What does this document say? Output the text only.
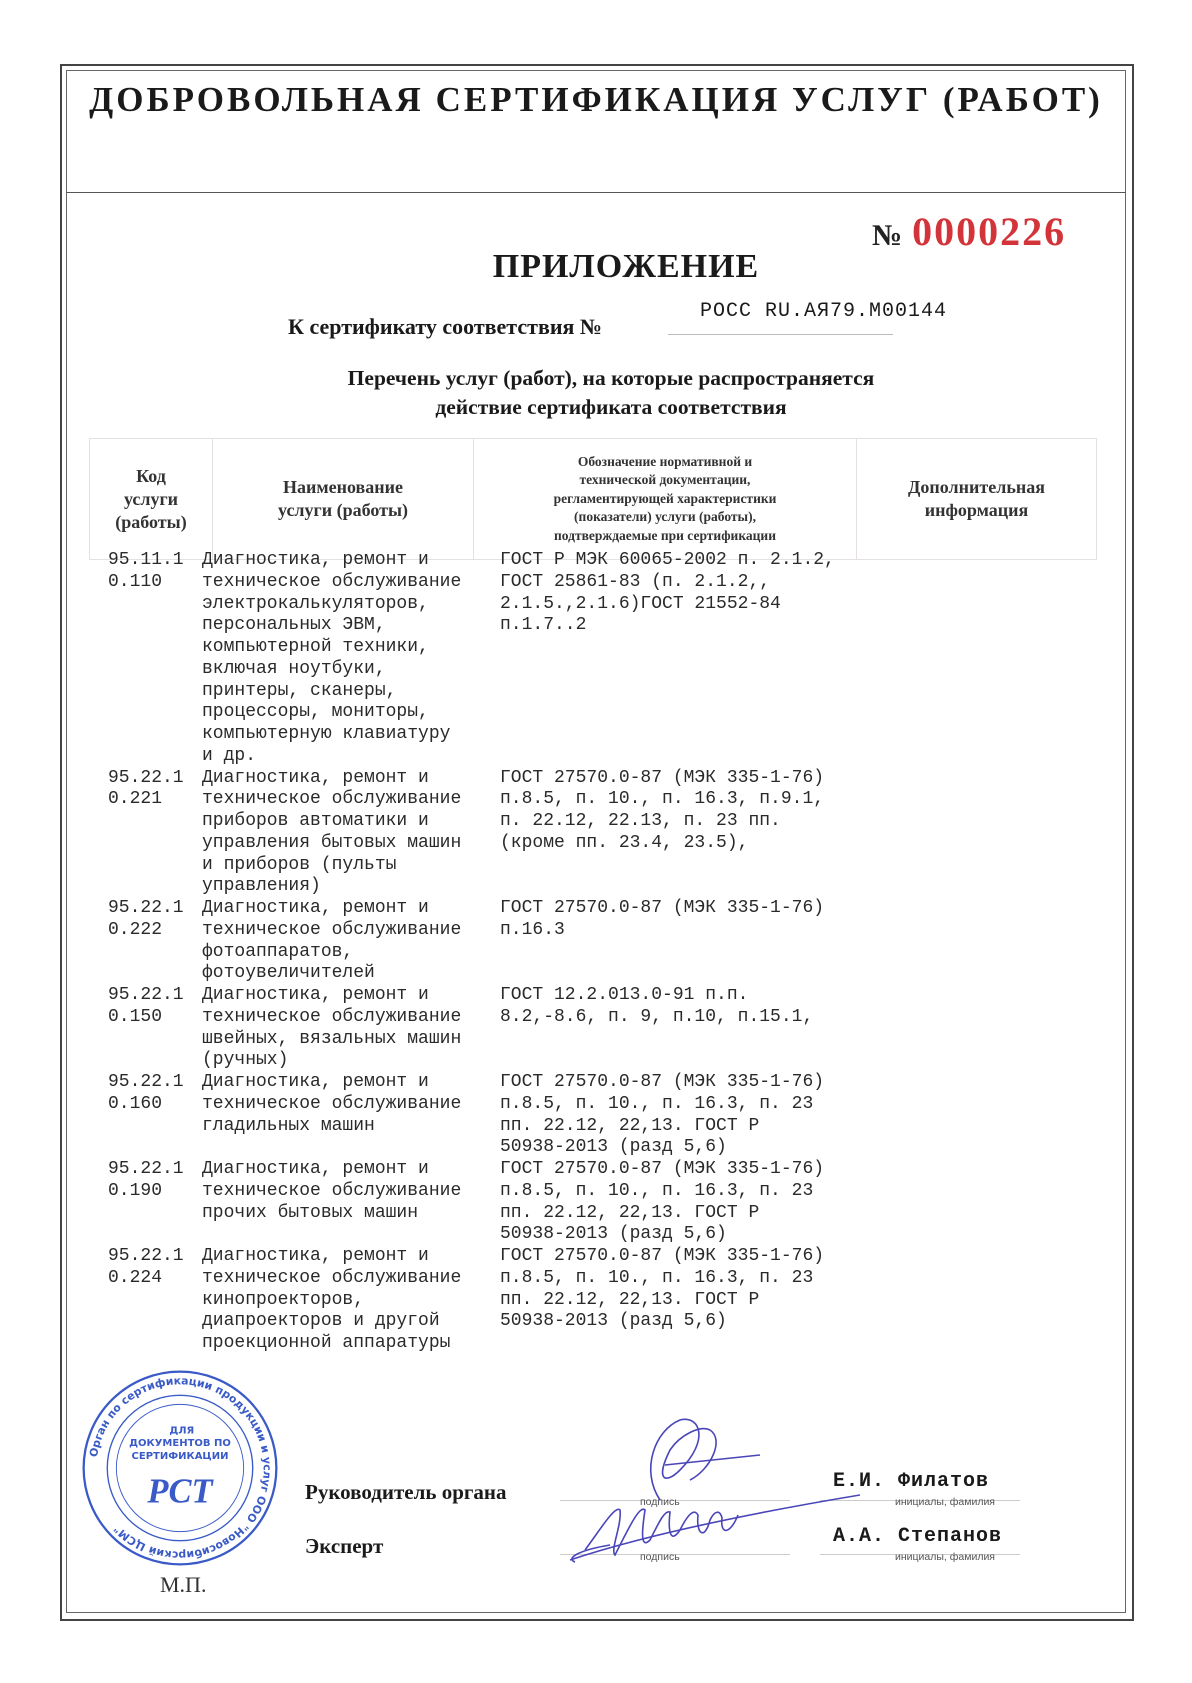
ДОБРОВОЛЬНАЯ СЕРТИФИКАЦИЯ УСЛУГ (РАБОТ)
№ 0000226
ПРИЛОЖЕНИЕ
К сертификату соответствия №
РОСС RU.АЯ79.М00144
Перечень услуг (работ), на которые распространяется
действие сертификата соответствия
Код
услуги
(работы)
Наименование
услуги (работы)
Обозначение нормативной и
технической документации,
регламентирующей характеристики
(показатели) услуги (работы),
подтверждаемые при сертификации
Дополнительная
информация
95.11.1
0.110
Диагностика, ремонт и
техническое обслуживание
электрокалькуляторов,
персональных ЭВМ,
компьютерной техники,
включая ноутбуки,
принтеры, сканеры,
процессоры, мониторы,
компьютерную клавиатуру
и др.
ГОСТ Р МЭК 60065-2002 п. 2.1.2,
ГОСТ 25861-83 (п. 2.1.2,,
2.1.5.,2.1.6)ГОСТ 21552-84
п.1.7..2
95.22.1
0.221
Диагностика, ремонт и
техническое обслуживание
приборов автоматики и
управления бытовых машин
и приборов (пульты
управления)
ГОСТ 27570.0-87 (МЭК 335-1-76)
п.8.5, п. 10., п. 16.3, п.9.1,
п. 22.12, 22.13, п. 23 пп.
(кроме пп. 23.4, 23.5),
95.22.1
0.222
Диагностика, ремонт и
техническое обслуживание
фотоаппаратов,
фотоувеличителей
ГОСТ 27570.0-87 (МЭК 335-1-76)
п.16.3
95.22.1
0.150
Диагностика, ремонт и
техническое обслуживание
швейных, вязальных машин
(ручных)
ГОСТ 12.2.013.0-91 п.п.
8.2,-8.6, п. 9, п.10, п.15.1,
95.22.1
0.160
Диагностика, ремонт и
техническое обслуживание
гладильных машин
ГОСТ 27570.0-87 (МЭК 335-1-76)
п.8.5, п. 10., п. 16.3, п. 23
пп. 22.12, 22,13. ГОСТ Р
50938-2013 (разд 5,6)
95.22.1
0.190
Диагностика, ремонт и
техническое обслуживание
прочих бытовых машин
ГОСТ 27570.0-87 (МЭК 335-1-76)
п.8.5, п. 10., п. 16.3, п. 23
пп. 22.12, 22,13. ГОСТ Р
50938-2013 (разд 5,6)
95.22.1
0.224
Диагностика, ремонт и
техническое обслуживание
кинопроекторов,
диапроекторов и другой
проекционной аппаратуры
ГОСТ 27570.0-87 (МЭК 335-1-76)
п.8.5, п. 10., п. 16.3, п. 23
пп. 22.12, 22,13. ГОСТ Р
50938-2013 (разд 5,6)
Орган по сертификации продукции и услуг ООО "Новосибирский ЦСМ"
ДЛЯ
ДОКУМЕНТОВ ПО
СЕРТИФИКАЦИИ
РСТ
М.П.
Руководитель органа
Эксперт
подпись
подпись
инициалы, фамилия
инициалы, фамилия
Е.И. Филатов
А.А. Степанов
